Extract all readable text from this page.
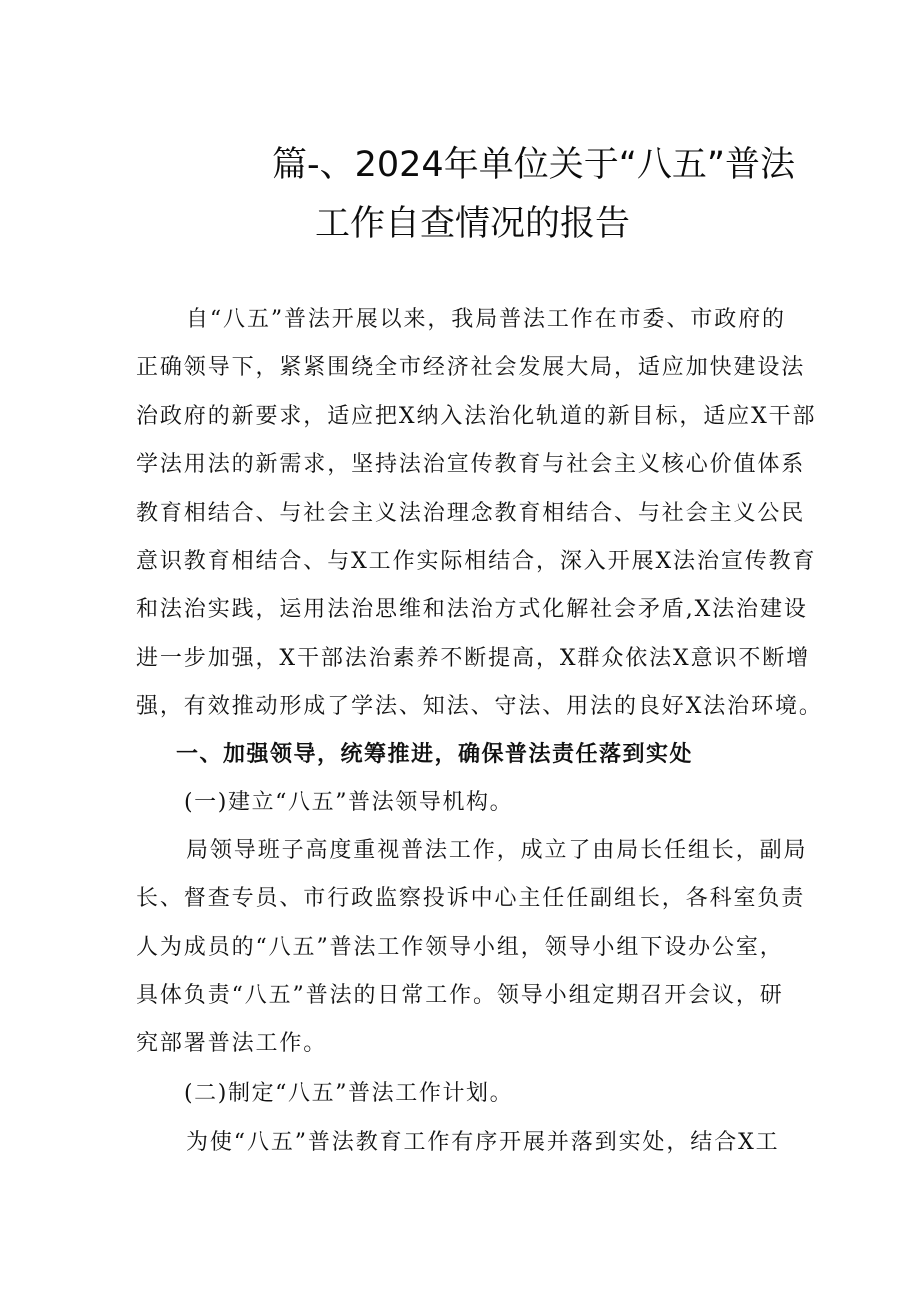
篇-、2024年单位关于“八五”普法
工作自查情况的报告
自“八五”普法开展以来，我局普法工作在市委、市政府的
正确领导下，紧紧围绕全市经济社会发展大局，适应加快建设法
治政府的新要求，适应把X纳入法治化轨道的新目标，适应X干部
学法用法的新需求，坚持法治宣传教育与社会主义核心价值体系
教育相结合、与社会主义法治理念教育相结合、与社会主义公民
意识教育相结合、与X工作实际相结合，深入开展X法治宣传教育
和法治实践，运用法治思维和法治方式化解社会矛盾,X法治建设
进一步加强，X干部法治素养不断提高，X群众依法X意识不断增
强，有效推动形成了学法、知法、守法、用法的良好X法治环境。
一、加强领导，统筹推进，确保普法责任落到实处
(一)建立“八五”普法领导机构。
局领导班子高度重视普法工作，成立了由局长任组长，副局
长、督查专员、市行政监察投诉中心主任任副组长，各科室负责
人为成员的“八五”普法工作领导小组，领导小组下设办公室，
具体负责“八五”普法的日常工作。领导小组定期召开会议，研
究部署普法工作。
(二)制定“八五”普法工作计划。
为使“八五”普法教育工作有序开展并落到实处，结合X工
